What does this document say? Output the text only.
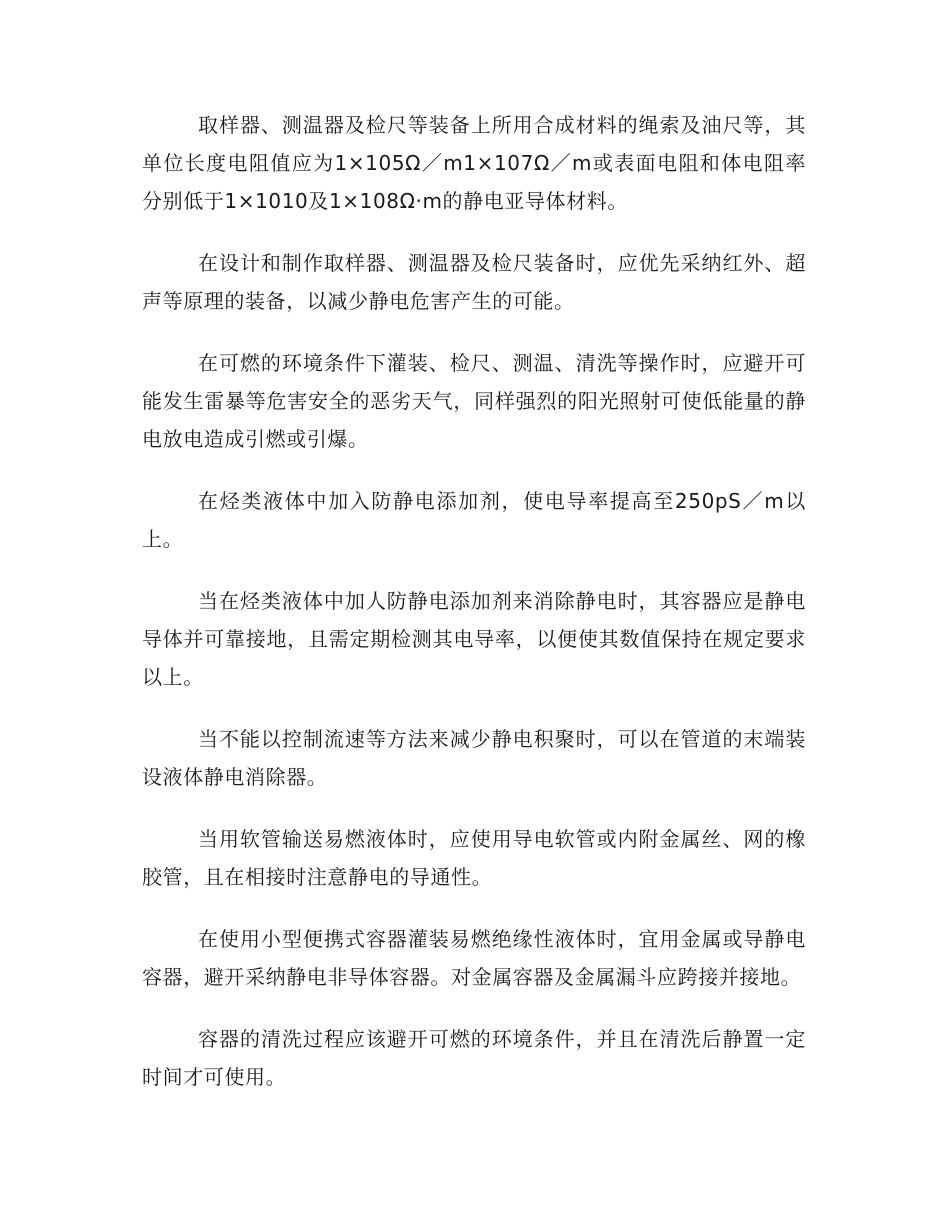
取样器、测温器及检尺等装备上所用合成材料的绳索及油尺等，其单位长度电阻值应为1×105Ω／m1×107Ω／m或表面电阻和体电阻率分别低于1×1010及1×108Ω·m的静电亚导体材料。

在设计和制作取样器、测温器及检尺装备时，应优先采纳红外、超声等原理的装备，以减少静电危害产生的可能。

在可燃的环境条件下灌装、检尺、测温、清洗等操作时，应避开可能发生雷暴等危害安全的恶劣天气，同样强烈的阳光照射可使低能量的静电放电造成引燃或引爆。

在烃类液体中加入防静电添加剂，使电导率提高至250pS／m以上。

当在烃类液体中加人防静电添加剂来消除静电时，其容器应是静电导体并可靠接地，且需定期检测其电导率，以便使其数值保持在规定要求以上。

当不能以控制流速等方法来减少静电积聚时，可以在管道的末端装设液体静电消除器。

当用软管输送易燃液体时，应使用导电软管或内附金属丝、网的橡胶管，且在相接时注意静电的导通性。

在使用小型便携式容器灌装易燃绝缘性液体时，宜用金属或导静电容器，避开采纳静电非导体容器。对金属容器及金属漏斗应跨接并接地。

容器的清洗过程应该避开可燃的环境条件，并且在清洗后静置一定时间才可使用。
